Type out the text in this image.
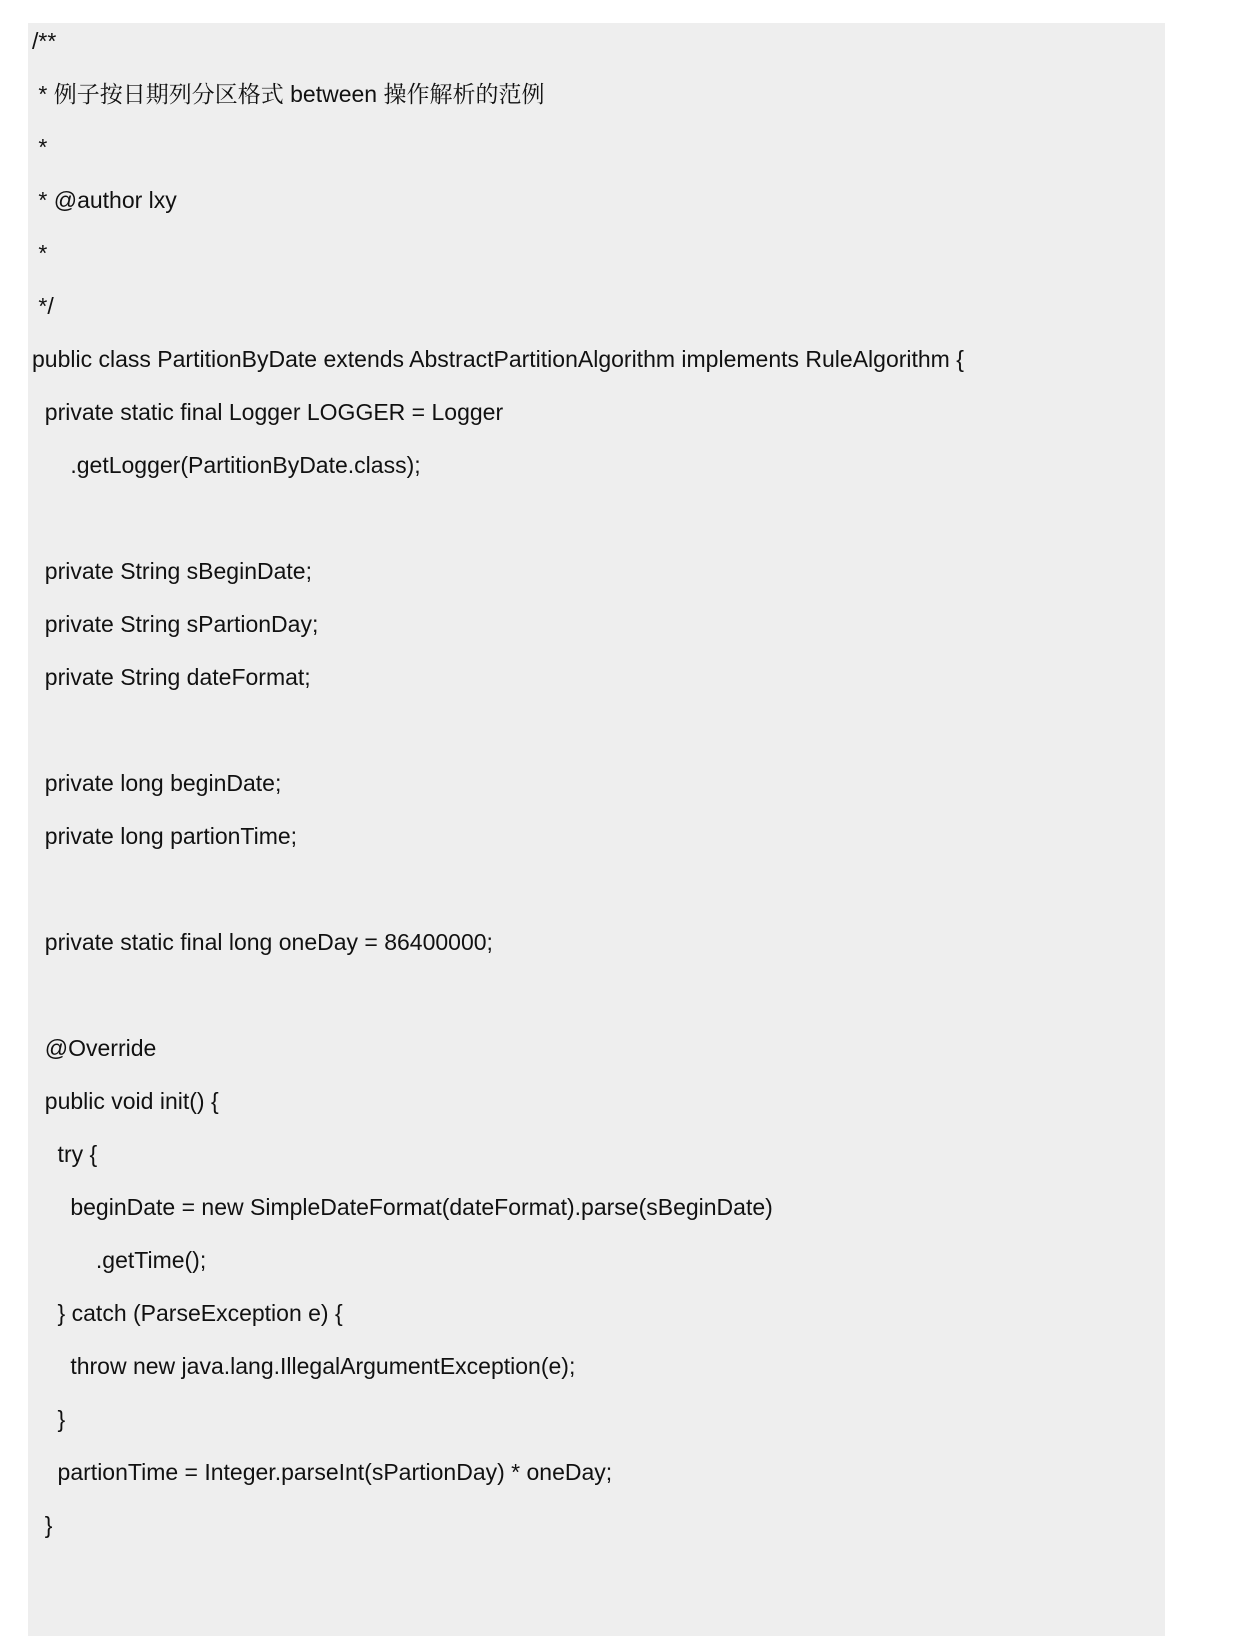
/**
* 例子按日期列分区格式 between 操作解析的范例
*
* @author lxy
*
*/
public class PartitionByDate extends AbstractPartitionAlgorithm implements RuleAlgorithm {
private static final Logger LOGGER = Logger
.getLogger(PartitionByDate.class);
private String sBeginDate;
private String sPartionDay;
private String dateFormat;
private long beginDate;
private long partionTime;
private static final long oneDay = 86400000;
@Override
public void init() {
try {
beginDate = new SimpleDateFormat(dateFormat).parse(sBeginDate)
.getTime();
} catch (ParseException e) {
throw new java.lang.IllegalArgumentException(e);
}
partionTime = Integer.parseInt(sPartionDay) * oneDay;
}
